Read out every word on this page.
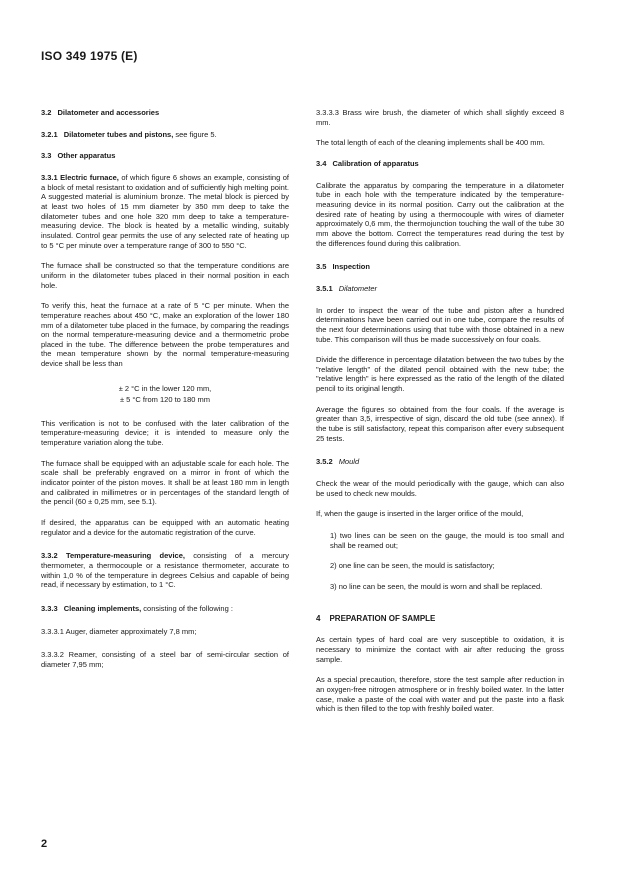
ISO 349 1975 (E)
3.2 Dilatometer and accessories
3.2.1 Dilatometer tubes and pistons, see figure 5.
3.3 Other apparatus

3.3.1 Electric furnace, of which figure 6 shows an example, consisting of a block of metal resistant to oxidation and of sufficiently high melting point. A suggested material is aluminium bronze. The metal block is pierced by at least two holes of 15 mm diameter by 350 mm deep to take the dilatometer tubes and one hole 320 mm deep to take a temperature-measuring device. The block is heated by a metallic winding, suitably insulated. Control gear permits the use of any selected rate of heating up to 5 °C per minute over a temperature range of 300 to 550 °C.

The furnace shall be constructed so that the temperature conditions are uniform in the dilatometer tubes placed in their normal position in each hole.

To verify this, heat the furnace at a rate of 5 °C per minute. When the temperature reaches about 450 °C, make an exploration of the lower 180 mm of a dilatometer tube placed in the furnace, by comparing the readings on the normal temperature-measuring device and a thermometric probe placed in the tube. The difference between the probe temperatures and the mean temperature shown by the normal temperature-measuring device shall be less than

± 2 °C in the lower 120 mm,
± 5 °C from 120 to 180 mm

This verification is not to be confused with the later calibration of the temperature-measuring device; it is intended to measure only the temperature variation along the tube.

The furnace shall be equipped with an adjustable scale for each hole. The scale shall be preferably engraved on a mirror in front of which the indicator pointer of the piston moves. It shall be at least 180 mm in length and calibrated in millimetres or in percentages of the standard length of the pencil (60 ± 0,25 mm, see 5.1).

If desired, the apparatus can be equipped with an automatic heating regulator and a device for the automatic registration of the curve.

3.3.2 Temperature-measuring device, consisting of a mercury thermometer, a thermocouple or a resistance thermometer, accurate to within 1,0 % of the temperature in degrees Celsius and capable of being read, if necessary by estimation, to 1 °C.

3.3.3 Cleaning implements, consisting of the following :

3.3.3.1 Auger, diameter approximately 7,8 mm;

3.3.3.2 Reamer, consisting of a steel bar of semi-circular section of diameter 7,95 mm;

3.3.3.3 Brass wire brush, the diameter of which shall slightly exceed 8 mm.

The total length of each of the cleaning implements shall be 400 mm.

3.4 Calibration of apparatus

Calibrate the apparatus by comparing the temperature in a dilatometer tube in each hole with the temperature indicated by the temperature-measuring device in its normal position. Carry out the calibration at the desired rate of heating by using a thermocouple with wires of diameter approximately 0,6 mm, the thermojunction touching the wall of the tube 30 mm above the bottom. Correct the temperatures read during the test by the differences found during this calibration.

3.5 Inspection
3.5.1 Dilatometer

In order to inspect the wear of the tube and piston after a hundred determinations have been carried out in one tube, compare the results of the next four determinations using that tube with those obtained in a new tube. This comparison will thus be made successively on four coals.

Divide the difference in percentage dilatation between the two tubes by the "relative length" of the dilated pencil obtained with the new tube; the "relative length" is here expressed as the ratio of the length of the dilated pencil to its original length.

Average the figures so obtained from the four coals. If the average is greater than 3,5, irrespective of sign, discard the old tube (see annex). If the tube is still satisfactory, repeat this comparison after every subsequent 25 tests.

3.5.2 Mould

Check the wear of the mould periodically with the gauge, which can also be used to check new moulds.

If, when the gauge is inserted in the larger orifice of the mould,

1) two lines can be seen on the gauge, the mould is too small and shall be reamed out;
2) one line can be seen, the mould is satisfactory;
3) no line can be seen, the mould is worn and shall be replaced.
4 PREPARATION OF SAMPLE

As certain types of hard coal are very susceptible to oxidation, it is necessary to minimize the contact with air after reducing the gross sample.

As a special precaution, therefore, store the test sample after reduction in an oxygen-free nitrogen atmosphere or in freshly boiled water. In the latter case, make a paste of the coal with water and put the paste into a flask which is then filled to the top with freshly boiled water.

2
